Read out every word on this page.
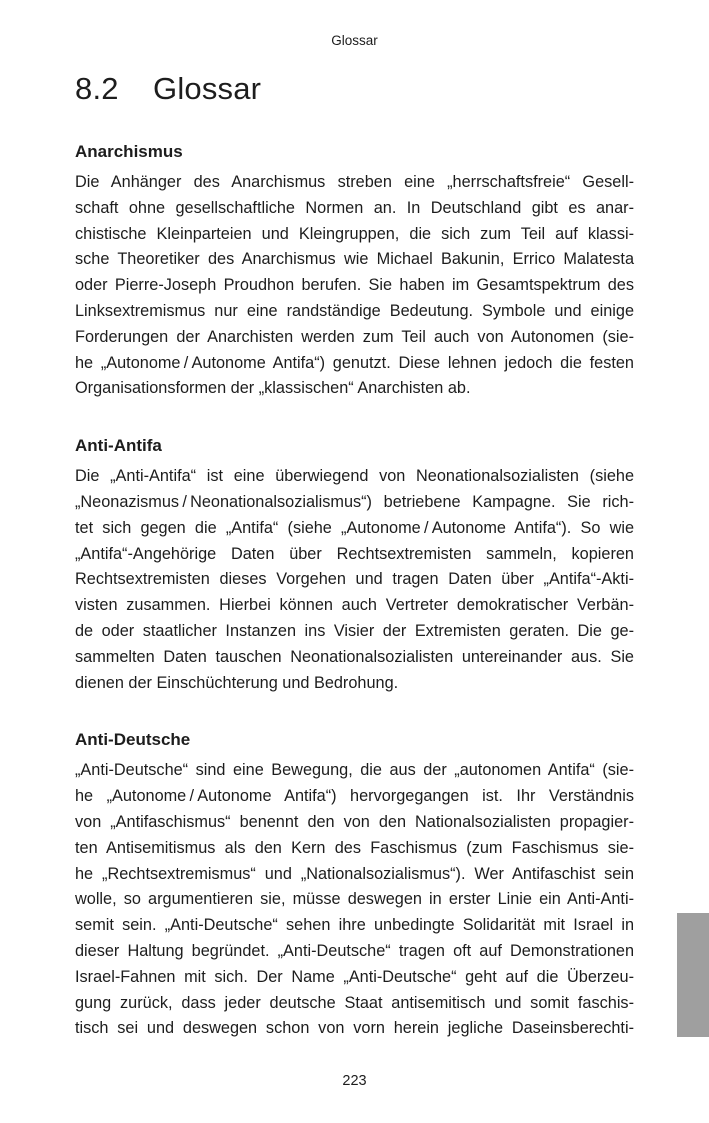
Glossar
8.2 Glossar
Anarchismus
Die Anhänger des Anarchismus streben eine „herrschaftsfreie“ Gesell-
schaft ohne gesellschaftliche Normen an. In Deutschland gibt es anar-
chistische Kleinparteien und Kleingruppen, die sich zum Teil auf klassi-
sche Theoretiker des Anarchismus wie Michael Bakunin, Errico Malatesta
oder Pierre-Joseph Proudhon berufen. Sie haben im Gesamtspektrum des
Linksextremismus nur eine randständige Bedeutung. Symbole und einige
Forderungen der Anarchisten werden zum Teil auch von Autonomen (sie-
he „Autonome / Autonome Antifa“) genutzt. Diese lehnen jedoch die festen
Organisationsformen der „klassischen“ Anarchisten ab.
Anti-Antifa
Die „Anti-Antifa“ ist eine überwiegend von Neonationalsozialisten (siehe
„Neonazismus / Neonationalsozialismus“) betriebene Kampagne. Sie rich-
tet sich gegen die „Antifa“ (siehe „Autonome / Autonome Antifa“). So wie
„Antifa“-Angehörige Daten über Rechtsextremisten sammeln, kopieren
Rechtsextremisten dieses Vorgehen und tragen Daten über „Antifa“-Akti-
visten zusammen. Hierbei können auch Vertreter demokratischer Verbän-
de oder staatlicher Instanzen ins Visier der Extremisten geraten. Die ge-
sammelten Daten tauschen Neonationalsozialisten untereinander aus. Sie
dienen der Einschüchterung und Bedrohung.
Anti-Deutsche
„Anti-Deutsche“ sind eine Bewegung, die aus der „autonomen Antifa“ (sie-
he „Autonome / Autonome Antifa“) hervorgegangen ist. Ihr Verständnis
von „Antifaschismus“ benennt den von den Nationalsozialisten propagier-
ten Antisemitismus als den Kern des Faschismus (zum Faschismus sie-
he „Rechtsextremismus“ und „Nationalsozialismus“). Wer Antifaschist sein
wolle, so argumentieren sie, müsse deswegen in erster Linie ein Anti-Anti-
semit sein. „Anti-Deutsche“ sehen ihre unbedingte Solidarität mit Israel in
dieser Haltung begründet. „Anti-Deutsche“ tragen oft auf Demonstrationen
Israel-Fahnen mit sich. Der Name „Anti-Deutsche“ geht auf die Überzeu-
gung zurück, dass jeder deutsche Staat antisemitisch und somit faschis-
tisch sei und deswegen schon von vorn herein jegliche Daseinsberechti-
223
